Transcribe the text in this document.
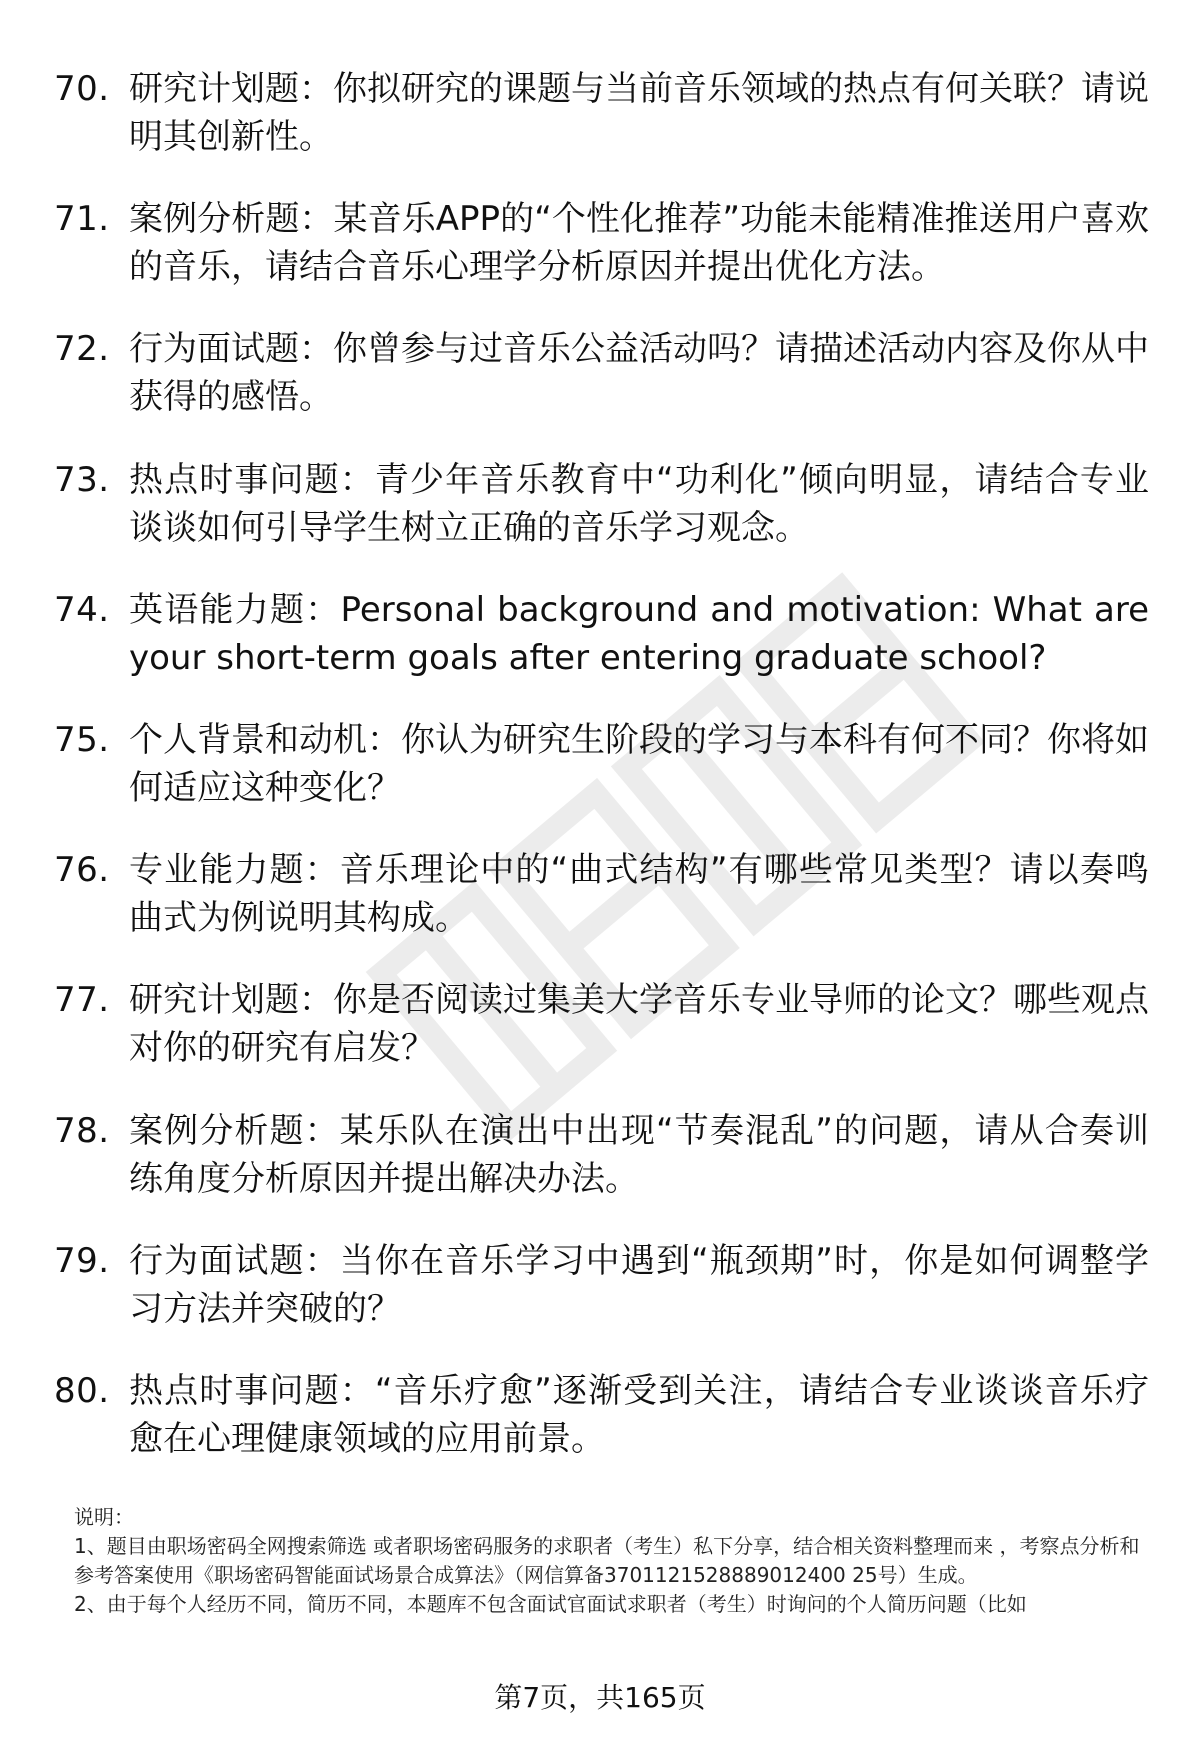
70. 研究计划题：你拟研究的课题与当前音乐领域的热点有何关联？请说明其创新性。
71. 案例分析题：某音乐APP的“个性化推荐”功能未能精准推送用户喜欢的音乐，请结合音乐心理学分析原因并提出优化方法。
72. 行为面试题：你曾参与过音乐公益活动吗？请描述活动内容及你从中获得的感悟。
73. 热点时事问题：青少年音乐教育中“功利化”倾向明显，请结合专业谈谈如何引导学生树立正确的音乐学习观念。
74. 英语能力题：Personal background and motivation: What are your short-term goals after entering graduate school?
75. 个人背景和动机：你认为研究生阶段的学习与本科有何不同？你将如何适应这种变化？
76. 专业能力题：音乐理论中的“曲式结构”有哪些常见类型？请以奏鸣曲式为例说明其构成。
77. 研究计划题：你是否阅读过集美大学音乐专业导师的论文？哪些观点对你的研究有启发？
78. 案例分析题：某乐队在演出中出现“节奏混乱”的问题，请从合奏训练角度分析原因并提出解决办法。
79. 行为面试题：当你在音乐学习中遇到“瓶颈期”时，你是如何调整学习方法并突破的？
80. 热点时事问题：“音乐疗愈”逐渐受到关注，请结合专业谈谈音乐疗愈在心理健康领域的应用前景。

说明：

1、题目由职场密码全网搜索筛选 或者职场密码服务的求职者（考生）私下分享，结合相关资料整理而来 ，考察点分析和参考答案使用《职场密码智能面试场景合成算法》（网信算备3701121528889012400 25号）生成。

2、由于每个人经历不同，简历不同，本题库不包含面试官面试求职者（考生）时询问的个人简历问题（比如

第7页，共165页
